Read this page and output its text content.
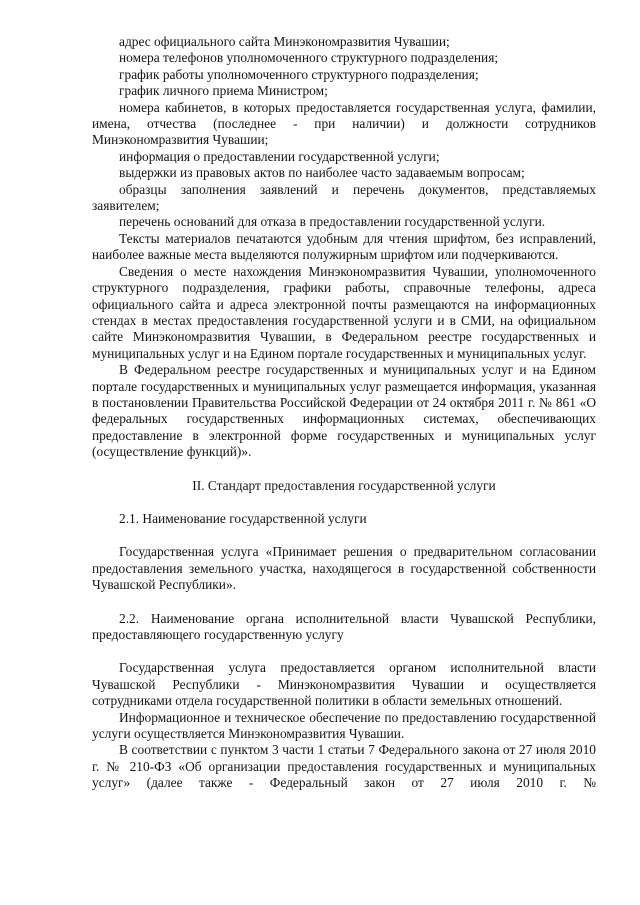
адрес официального сайта Минэкономразвития Чувашии;

номера телефонов уполномоченного структурного подразделения;

график работы уполномоченного структурного подразделения;

график личного приема Министром;

номера кабинетов, в которых предоставляется государственная услуга, фамилии, имена, отчества (последнее - при наличии) и должности сотрудников Минэкономразвития Чувашии;

информация о предоставлении государственной услуги;

выдержки из правовых актов по наиболее часто задаваемым вопросам;

образцы заполнения заявлений и перечень документов, представляемых заявителем;

перечень оснований для отказа в предоставлении государственной услуги.

Тексты материалов печатаются удобным для чтения шрифтом, без исправлений, наиболее важные места выделяются полужирным шрифтом или подчеркиваются.

Сведения о месте нахождения Минэкономразвития Чувашии, уполномоченного структурного подразделения, графики работы, справочные телефоны, адреса официального сайта и адреса электронной почты размещаются на информационных стендах в местах предоставления государственной услуги и в СМИ, на официальном сайте Минэкономразвития Чувашии, в Федеральном реестре государственных и муниципальных услуг и на Едином портале государственных и муниципальных услуг.

В Федеральном реестре государственных и муниципальных услуг и на Едином портале государственных и муниципальных услуг размещается информация, указанная в постановлении Правительства Российской Федерации от 24 октября 2011 г. № 861 «О федеральных государственных информационных системах, обеспечивающих предоставление в электронной форме государственных и муниципальных услуг (осуществление функций)».

II. Стандарт предоставления государственной услуги

2.1. Наименование государственной услуги

Государственная услуга «Принимает решения о предварительном согласовании предоставления земельного участка, находящегося в государственной собственности Чувашской Республики».

2.2. Наименование органа исполнительной власти Чувашской Республики, предоставляющего государственную услугу

Государственная услуга предоставляется органом исполнительной власти Чувашской Республики - Минэкономразвития Чувашии и осуществляется сотрудниками отдела государственной политики в области земельных отношений.

Информационное и техническое обеспечение по предоставлению государственной услуги осуществляется Минэкономразвития Чувашии.

В соответствии с пунктом 3 части 1 статьи 7 Федерального закона от 27 июля 2010 г. № 210-ФЗ «Об организации предоставления государственных и муниципальных услуг» (далее также - Федеральный закон от 27 июля 2010 г. №
